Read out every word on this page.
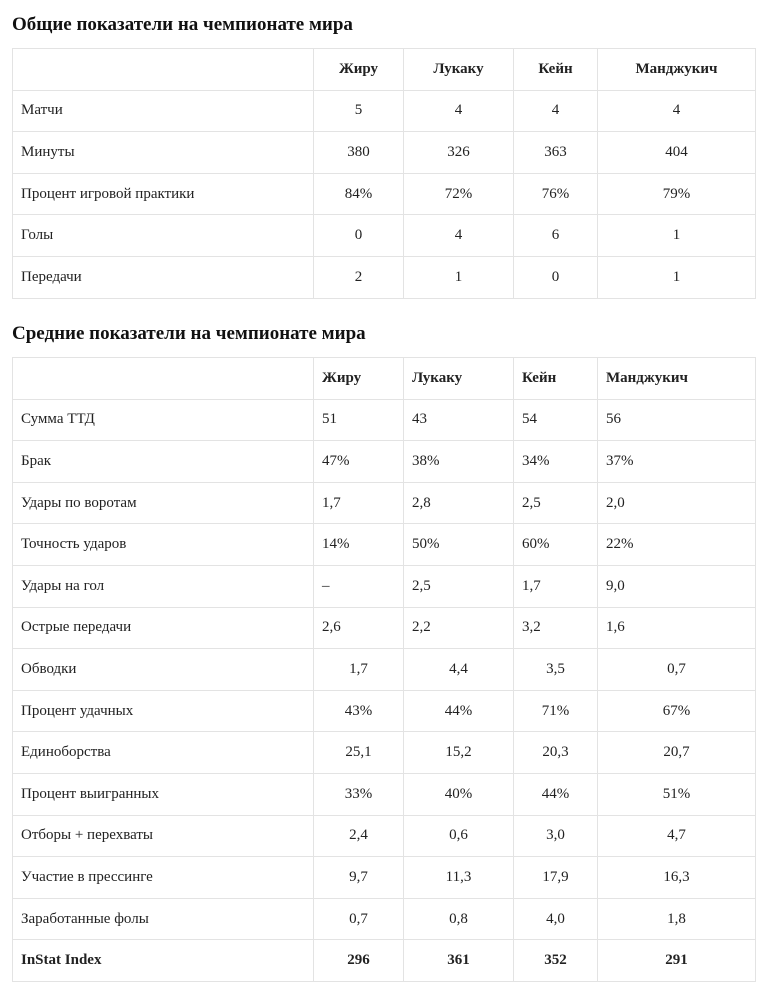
Общие показатели на чемпионате мира
	Жиру	Лукаку	Кейн	Манджукич
Матчи	5	4	4	4
Минуты	380	326	363	404
Процент игровой практики	84%	72%	76%	79%
Голы	0	4	6	1
Передачи	2	1	0	1
Средние показатели на чемпионате мира
	Жиру	Лукаку	Кейн	Манджукич
Сумма ТТД	51	43	54	56
Брак	47%	38%	34%	37%
Удары по воротам	1,7	2,8	2,5	2,0
Точность ударов	14%	50%	60%	22%
Удары на гол	–	2,5	1,7	9,0
Острые передачи	2,6	2,2	3,2	1,6
Обводки	1,7	4,4	3,5	0,7
Процент удачных	43%	44%	71%	67%
Единоборства	25,1	15,2	20,3	20,7
Процент выигранных	33%	40%	44%	51%
Отборы + перехваты	2,4	0,6	3,0	4,7
Участие в прессинге	9,7	11,3	17,9	16,3
Заработанные фолы	0,7	0,8	4,0	1,8
InStat Index	296	361	352	291
